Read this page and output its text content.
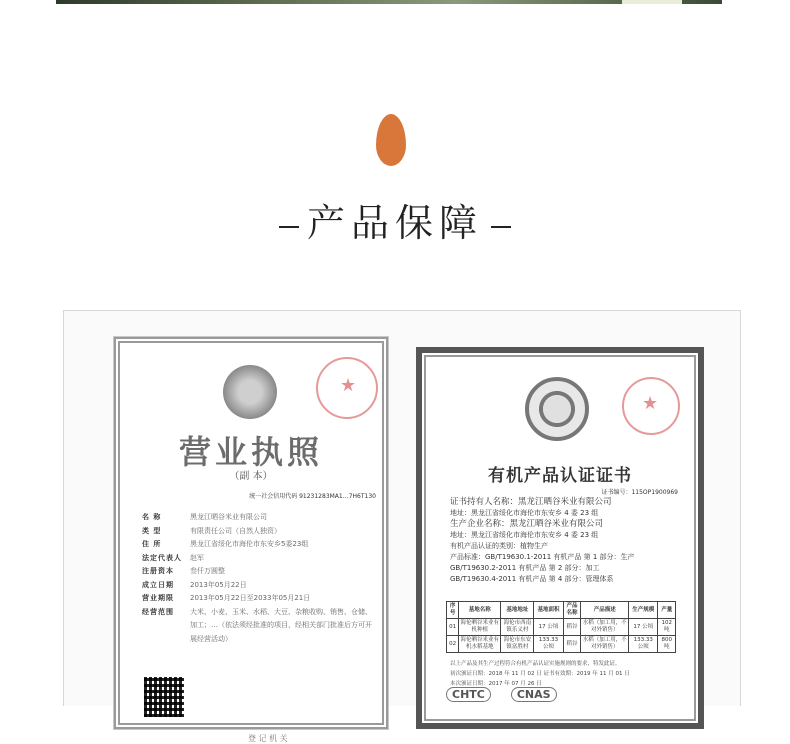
产品保障
★
营业执照
（副 本）
统一社会信用代码 91231283MA1…7H6T130
名 称	黑龙江晒谷米业有限公司
类 型	有限责任公司（自然人独资）
住 所	黑龙江省绥化市海伦市东安乡5委23组
法定代表人	赵军
注册资本	叁仟万圆整
成立日期	2013年05月22日
营业期限	2013年05月22日至2033年05月21日
经营范围	大米、小麦、玉米、水稻、大豆、杂粮收购、销售、仓储、加工；…（依法须经批准的项目，经相关部门批准后方可开展经营活动）
登 记 机 关
★
有机产品认证证书
证书编号：115OP1900969
证书持有人名称：黑龙江晒谷米业有限公司
地址：黑龙江省绥化市海伦市东安乡 4 委 23 组
生产企业名称：黑龙江晒谷米业有限公司
地址：黑龙江省绥化市海伦市东安乡 4 委 23 组
有机产品认证的类别：植物生产
产品标准：GB/T19630.1-2011 有机产品 第 1 部分：生产
GB/T19630.2-2011 有机产品 第 2 部分：加工
GB/T19630.4-2011 有机产品 第 4 部分：管理体系
序号	基地名称	基地地址	基地面积	产品名称	产品描述	生产规模	产量
01	海伦晒谷米业有机种植	海伦市西南镇乐义村	17 公顷	稻谷	水稻（加工用，不对外销售）	17 公顷	102 吨
02	海伦晒谷米业有机水稻基地	海伦市东安镇富胜村	133.33 公顷	稻谷	水稻（加工用，不对外销售）	133.33 公顷	800 吨
以上产品及其生产过程符合有机产品认证实施规则的要求，特发此证。
初次颁证日期：2018 年 11 月 02 日 证书有效期：2019 年 11 月 01 日
本次颁证日期：2017 年 07 月 26 日
CHTC	CNAS
